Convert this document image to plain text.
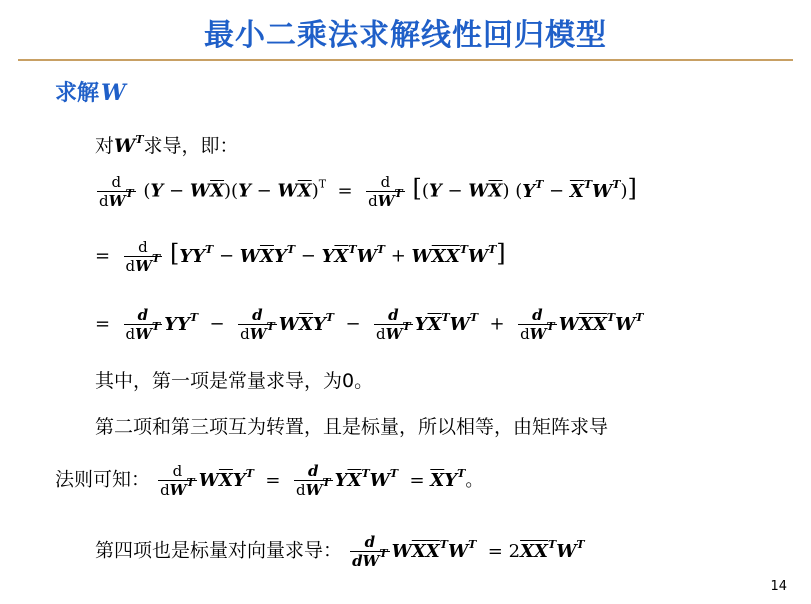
最小二乘法求解线性回归模型
求解W
对$W^T$求导，即：
$\frac{d}{dW^T} (Y - W\overline{X})(Y - W\overline{X})^T = \frac{d}{dW^T} [(Y - W\overline{X}) (Y^T - \overline{X}^TW^T)]$
= $\frac{d}{dW^T} [YY^T - W\overline{X}Y^T - Y\overline{X}^TW^T + W\overline{XX}^TW^T]$
= $\frac{d}{dW^T} YY^T - \frac{d}{dW^T} W\overline{X}Y^T - \frac{d}{dW^T} Y\overline{X}^TW^T + \frac{d}{dW^T} W\overline{XX}^TW^T$
其中，第一项是常量求导，为0。
第二项和第三项互为转置，且是标量，所以相等，由矩阵求导
法则可知： $\frac{d}{dW^T} W\overline{X}Y^T = \frac{d}{dW^T} Y\overline{X}^TW^T = \overline{X}Y^T$。
第四项也是标量对向量求导： $\frac{d}{dW^T} W\overline{XX}^TW^T = 2\overline{XX}^TW^T$
14
